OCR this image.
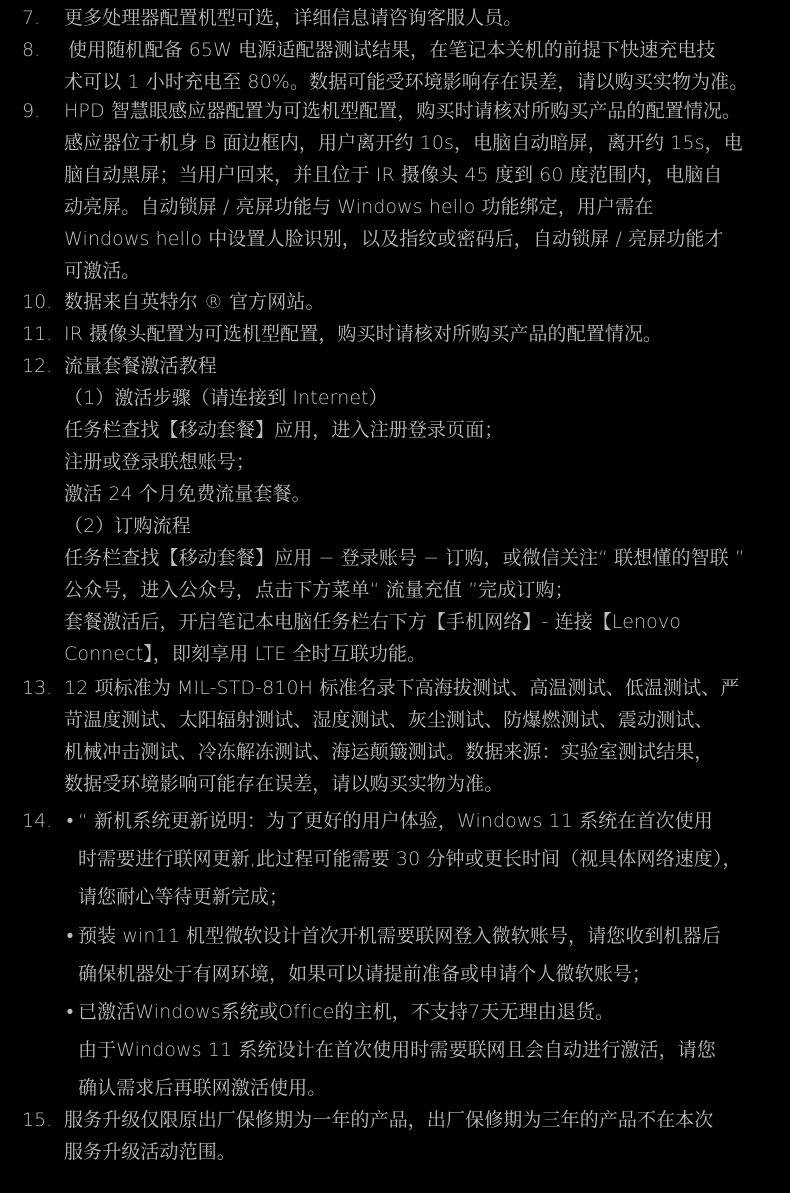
7.	更多处理器配置机型可选，详细信息请咨询客服人员。
8.	使用随机配备 65W 电源适配器测试结果，在笔记本关机的前提下快速充电技
术可以 1 小时充电至 80%。数据可能受环境影响存在误差，请以购买实物为准。
9.	HPD 智慧眼感应器配置为可选机型配置，购买时请核对所购买产品的配置情况。
感应器位于机身 B 面边框内，用户离开约 10s，电脑自动暗屏，离开约 15s，电
脑自动黑屏；当用户回来，并且位于 IR 摄像头 45 度到 60 度范围内，电脑自
动亮屏。自动锁屏 / 亮屏功能与 Windows hello 功能绑定，用户需在
Windows hello 中设置人脸识别，以及指纹或密码后，自动锁屏 / 亮屏功能才
可激活。
10. 数据来自英特尔 ® 官方网站。
11. IR 摄像头配置为可选机型配置，购买时请核对所购买产品的配置情况。
12. 流量套餐激活教程
（1）激活步骤（请连接到 Internet）
任务栏查找【移动套餐】应用，进入注册登录页面；
注册或登录联想账号；
激活 24 个月免费流量套餐。
（2）订购流程
任务栏查找【移动套餐】应用 − 登录账号 − 订购，或微信关注“ 联想懂的智联 ”
公众号，进入公众号，点击下方菜单“ 流量充值 ”完成订购；
套餐激活后，开启笔记本电脑任务栏右下方【手机网络】- 连接【Lenovo
Connect】，即刻享用 LTE 全时互联功能。
13. 12 项标准为 MIL-STD-810H 标准名录下高海拔测试、高温测试、低温测试、严
苛温度测试、太阳辐射测试、湿度测试、灰尘测试、防爆燃测试、震动测试、
机械冲击测试、冷冻解冻测试、海运颠簸测试。数据来源：实验室测试结果，
数据受环境影响可能存在误差，请以购买实物为准。
14. • “ 新机系统更新说明：为了更好的用户体验，Windows 11 系统在首次使用
时需要进行联网更新,此过程可能需要 30 分钟或更长时间（视具体网络速度），
请您耐心等待更新完成；
• 预装 win11 机型微软设计首次开机需要联网登入微软账号，请您收到机器后
确保机器处于有网环境，如果可以请提前准备或申请个人微软账号；
• 已激活Windows系统或Office的主机，不支持7天无理由退货。
由于Windows 11 系统设计在首次使用时需要联网且会自动进行激活，请您
确认需求后再联网激活使用。
15. 服务升级仅限原出厂保修期为一年的产品，出厂保修期为三年的产品不在本次
服务升级活动范围。
